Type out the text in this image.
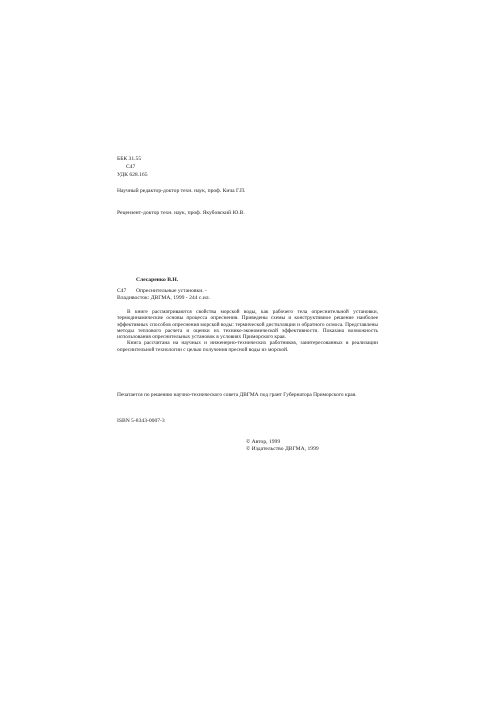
ББК 31.55
С47
УДК 628.165
Научный редактор-доктор техн. наук, проф. Кича Г.П.
Рецензент-доктор техн. наук, проф. Якубовский Ю.В.
Слесаренко В.Н.
С47 Опреснительные установки. -
Владивосток: ДВГМА, 1999 - 244 с.ил.

В книге рассматриваются свойства морской воды, как рабочего тела опреснительной установки, термодинамические основы процесса опреснения. Приведены схемы и конструктивное решение наиболее эффективных способов опреснения морской воды: термической дистилляции и обратного осмоса. Представлены методы теплового расчета и оценки их технико-экономической эффективности. Показана возможность использования опреснительных установок в условиях Приморского края.

Книга рассчитана на научных и инженерно-технических работников, заинтересованных в реализации опреснительной технологии с целью получения пресной воды из морской.

Печатается по решению научно-технического совета ДВГМА под грант Губернатора Приморского края.
ISBN 5-8343-0007-3
© Автор, 1999
© Издательство ДВГМА, 1999
